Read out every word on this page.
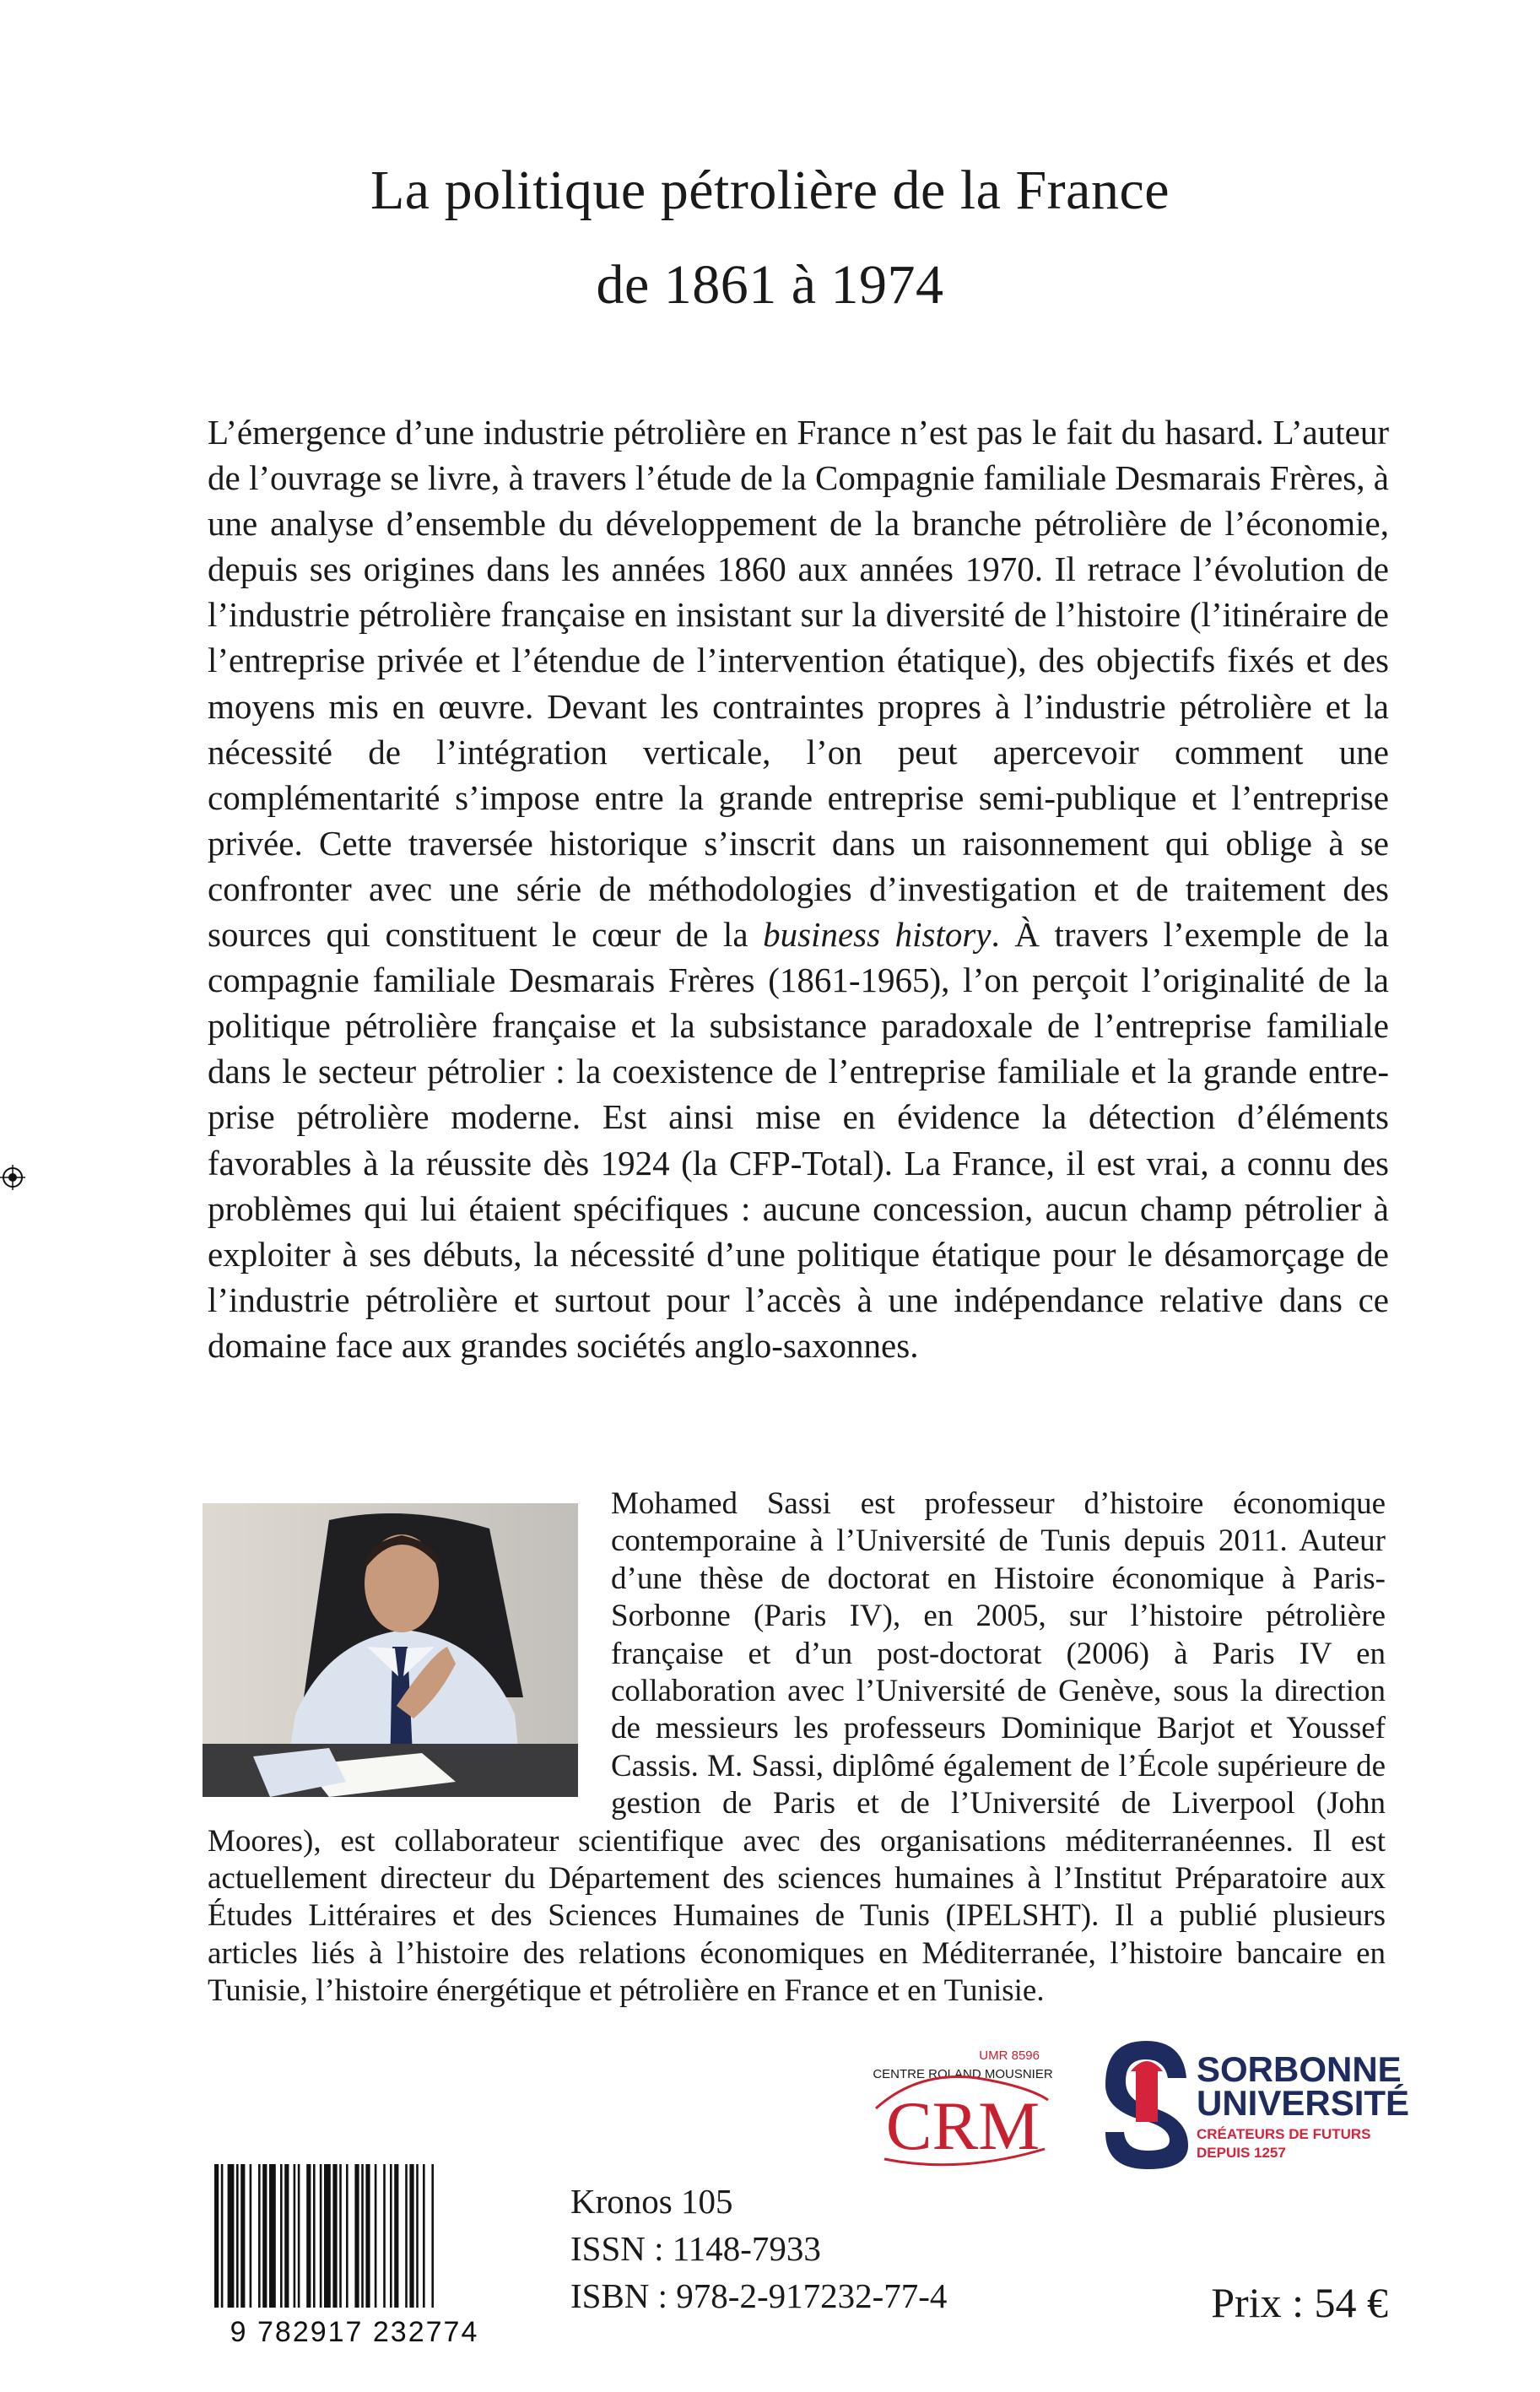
La politique pétrolière de la France
de 1861 à 1974

L’émergence d’une industrie pétrolière en France n’est pas le fait du hasard. L’auteur de l’ouvrage se livre, à travers l’étude de la Compagnie familiale Desmarais Frères, à une analyse d’ensemble du développement de la branche pétrolière de l’économie, depuis ses origines dans les années 1860 aux années 1970. Il retrace l’évolution de l’industrie pétrolière française en insistant sur la diversité de l’histoire (l’itinéraire de l’entreprise privée et l’étendue de l’intervention étatique), des objectifs fixés et des moyens mis en œuvre. Devant les contraintes propres à l’industrie pétrolière et la nécessité de l’intégration verticale, l’on peut apercevoir comment une complémentarité s’impose entre la grande entreprise semi-publique et l’entreprise privée. Cette traversée historique s’inscrit dans un raisonnement qui oblige à se confronter avec une série de méthodologies d’investigation et de traitement des sources qui constituent le cœur de la business history. À travers l’exemple de la compagnie familiale Desmarais Frères (1861-1965), l’on perçoit l’originalité de la politique pétrolière française et la subsistance paradoxale de l’entreprise familiale dans le secteur pétrolier : la coexistence de l’entreprise familiale et la grande entreprise pétrolière moderne. Est ainsi mise en évidence la détection d’éléments favorables à la réussite dès 1924 (la CFP-Total). La France, il est vrai, a connu des problèmes qui lui étaient spécifiques : aucune concession, aucun champ pétrolier à exploiter à ses débuts, la nécessité d’une politique étatique pour le désamorçage de l’industrie pétrolière et surtout pour l’accès à une indépendance relative dans ce domaine face aux grandes sociétés anglo-saxonnes.

Mohamed Sassi est professeur d’histoire économique contemporaine à l’Université de Tunis depuis 2011. Auteur d’une thèse de doctorat en Histoire économique à Paris-Sorbonne (Paris IV), en 2005, sur l’histoire pétrolière française et d’un post-doctorat (2006) à Paris IV en collaboration avec l’Université de Genève, sous la direction de messieurs les professeurs Dominique Barjot et Youssef Cassis. M. Sassi, diplômé également de l’École supérieure de gestion de Paris et de l’Université de Liverpool (John Moores), est collaborateur scientifique avec des organisations méditerranéennes. Il est actuellement directeur du Département des sciences humaines à l’Institut Préparatoire aux Études Littéraires et des Sciences Humaines de Tunis (IPELSHT). Il a publié plusieurs articles liés à l’histoire des relations économiques en Méditerranée, l’histoire bancaire en Tunisie, l’histoire énergétique et pétrolière en France et en Tunisie.

UMR 8596
CENTRE ROLAND MOUSNIER
CRM
SORBONNE
UNIVERSITÉ
CRÉATEURS DE FUTURS
DEPUIS 1257
9 782917 232774
Kronos 105
ISSN : 1148-7933
ISBN : 978-2-917232-77-4	Prix : 54 €
